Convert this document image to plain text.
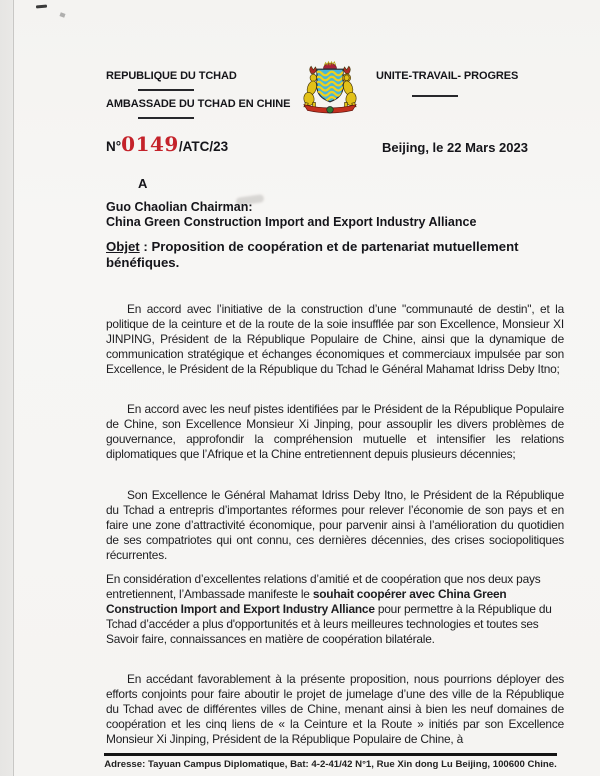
REPUBLIQUE DU TCHAD
AMBASSADE DU TCHAD EN CHINE
UNITE-TRAVAIL- PROGRES
N° 0149 /ATC/23	Beijing, le 22 Mars 2023
A
Guo Chaolian Chairman:
China Green Construction Import and Export Industry Alliance

Objet : Proposition de coopération et de partenariat mutuellement bénéfiques.

En accord avec l’initiative de la construction d’une "communauté de destin", et la politique de la ceinture et de la route de la soie insufflée par son Excellence, Monsieur XI JINPING, Président de la République Populaire de Chine, ainsi que la dynamique de communication stratégique et échanges économiques et commerciaux impulsée par son Excellence, le Président de la République du Tchad le Général Mahamat Idriss Deby Itno;

En accord avec les neuf pistes identifiées par le Président de la République Populaire de Chine, son Excellence Monsieur Xi Jinping, pour assouplir les divers problèmes de gouvernance, approfondir la compréhension mutuelle et intensifier les relations diplomatiques que l’Afrique et la Chine entretiennent depuis plusieurs décennies;

Son Excellence le Général Mahamat Idriss Deby Itno, le Président de la République du Tchad a entrepris d’importantes réformes pour relever l’économie de son pays et en faire une zone d’attractivité économique, pour parvenir ainsi à l’amélioration du quotidien de ses compatriotes qui ont connu, ces dernières décennies, des crises sociopolitiques récurrentes.

En considération d’excellentes relations d’amitié et de coopération que nos deux pays entretiennent, l’Ambassade manifeste le souhait coopérer avec China Green Construction Import and Export Industry Alliance pour permettre à la République du Tchad d’accéder a plus d'opportunités et à leurs meilleures technologies et toutes ses Savoir faire, connaissances en matière de coopération bilatérale.

En accédant favorablement à la présente proposition, nous pourrions déployer des efforts conjoints pour faire aboutir le projet de jumelage d’une des ville de la République du Tchad avec de différentes villes de Chine, menant ainsi à bien les neuf domaines de coopération et les cinq liens de « la Ceinture et la Route » initiés par son Excellence Monsieur Xi Jinping, Président de la République Populaire de Chine, à

Adresse: Tayuan Campus Diplomatique, Bat: 4-2-41/42 N°1, Rue Xin dong Lu Beijing, 100600 Chine.
